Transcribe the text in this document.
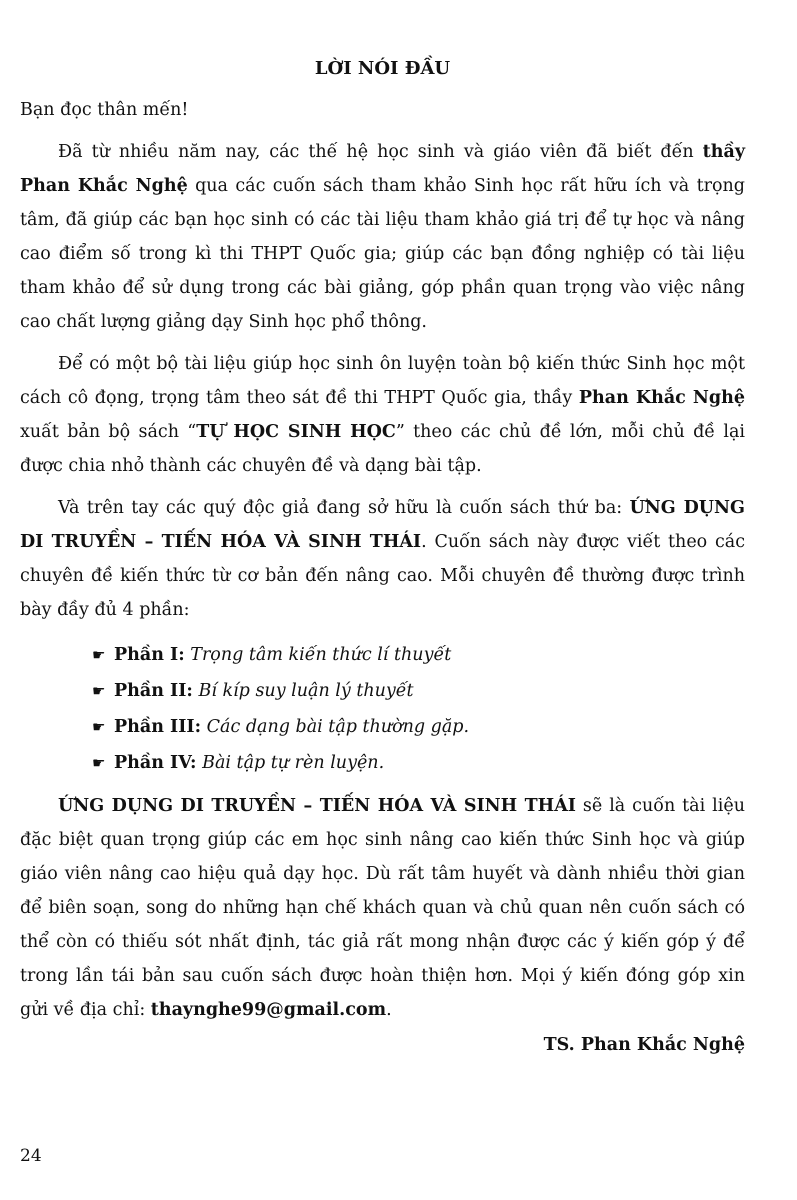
LỜI NÓI ĐẦU

Bạn đọc thân mến!

Đã từ nhiều năm nay, các thế hệ học sinh và giáo viên đã biết đến thầy Phan Khắc Nghệ qua các cuốn sách tham khảo Sinh học rất hữu ích và trọng tâm, đã giúp các bạn học sinh có các tài liệu tham khảo giá trị để tự học và nâng cao điểm số trong kì thi THPT Quốc gia; giúp các bạn đồng nghiệp có tài liệu tham khảo để sử dụng trong các bài giảng, góp phần quan trọng vào việc nâng cao chất lượng giảng dạy Sinh học phổ thông.

Để có một bộ tài liệu giúp học sinh ôn luyện toàn bộ kiến thức Sinh học một cách cô đọng, trọng tâm theo sát đề thi THPT Quốc gia, thầy Phan Khắc Nghệ xuất bản bộ sách “TỰ HỌC SINH HỌC” theo các chủ đề lớn, mỗi chủ đề lại được chia nhỏ thành các chuyên đề và dạng bài tập.

Và trên tay các quý độc giả đang sở hữu là cuốn sách thứ ba: ỨNG DỤNG DI TRUYỀN – TIẾN HÓA VÀ SINH THÁI. Cuốn sách này được viết theo các chuyên đề kiến thức từ cơ bản đến nâng cao. Mỗi chuyên đề thường được trình bày đầy đủ 4 phần:

☛ Phần I: Trọng tâm kiến thức lí thuyết
☛ Phần II: Bí kíp suy luận lý thuyết
☛ Phần III: Các dạng bài tập thường gặp.
☛ Phần IV: Bài tập tự rèn luyện.

ỨNG DỤNG DI TRUYỀN – TIẾN HÓA VÀ SINH THÁI sẽ là cuốn tài liệu đặc biệt quan trọng giúp các em học sinh nâng cao kiến thức Sinh học và giúp giáo viên nâng cao hiệu quả dạy học. Dù rất tâm huyết và dành nhiều thời gian để biên soạn, song do những hạn chế khách quan và chủ quan nên cuốn sách có thể còn có thiếu sót nhất định, tác giả rất mong nhận được các ý kiến góp ý để trong lần tái bản sau cuốn sách được hoàn thiện hơn. Mọi ý kiến đóng góp xin gửi về địa chỉ: thaynghe99@gmail.com.

TS. Phan Khắc Nghệ
24
